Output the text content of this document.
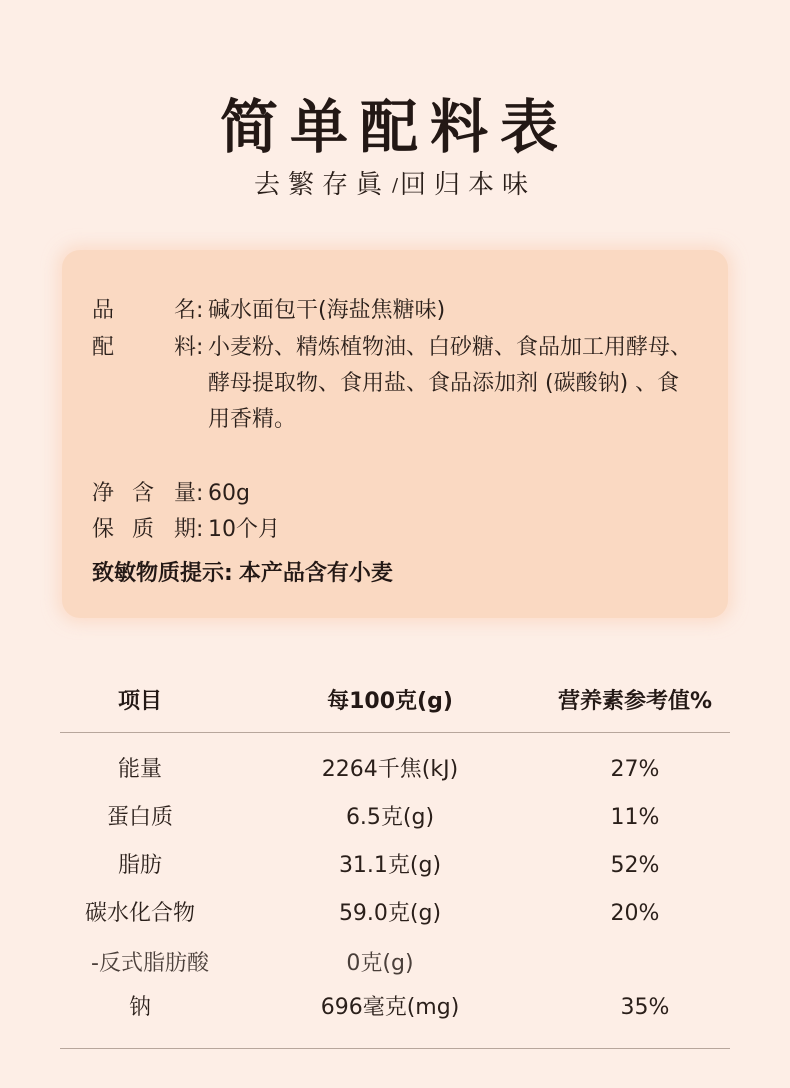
简单配料表
去繁存眞 /回归本味
品	名: 碱水面包干(海盐焦糖味)
配	料: 小麦粉、精炼植物油、白砂糖、食品加工用酵母、酵母提取物、食用盐、食品添加剂 (碳酸钠) 、食用香精。
净 含 量: 60g
保 质 期: 10个月
致敏物质提示: 本产品含有小麦
项目	每100克(g)	营养素参考值%
能量	2264千焦(kJ)	27%
蛋白质	6.5克(g)	11%
脂肪	31.1克(g)	52%
碳水化合物	59.0克(g)	20%
-反式脂肪酸	0克(g)
钠	696毫克(mg)	35%
